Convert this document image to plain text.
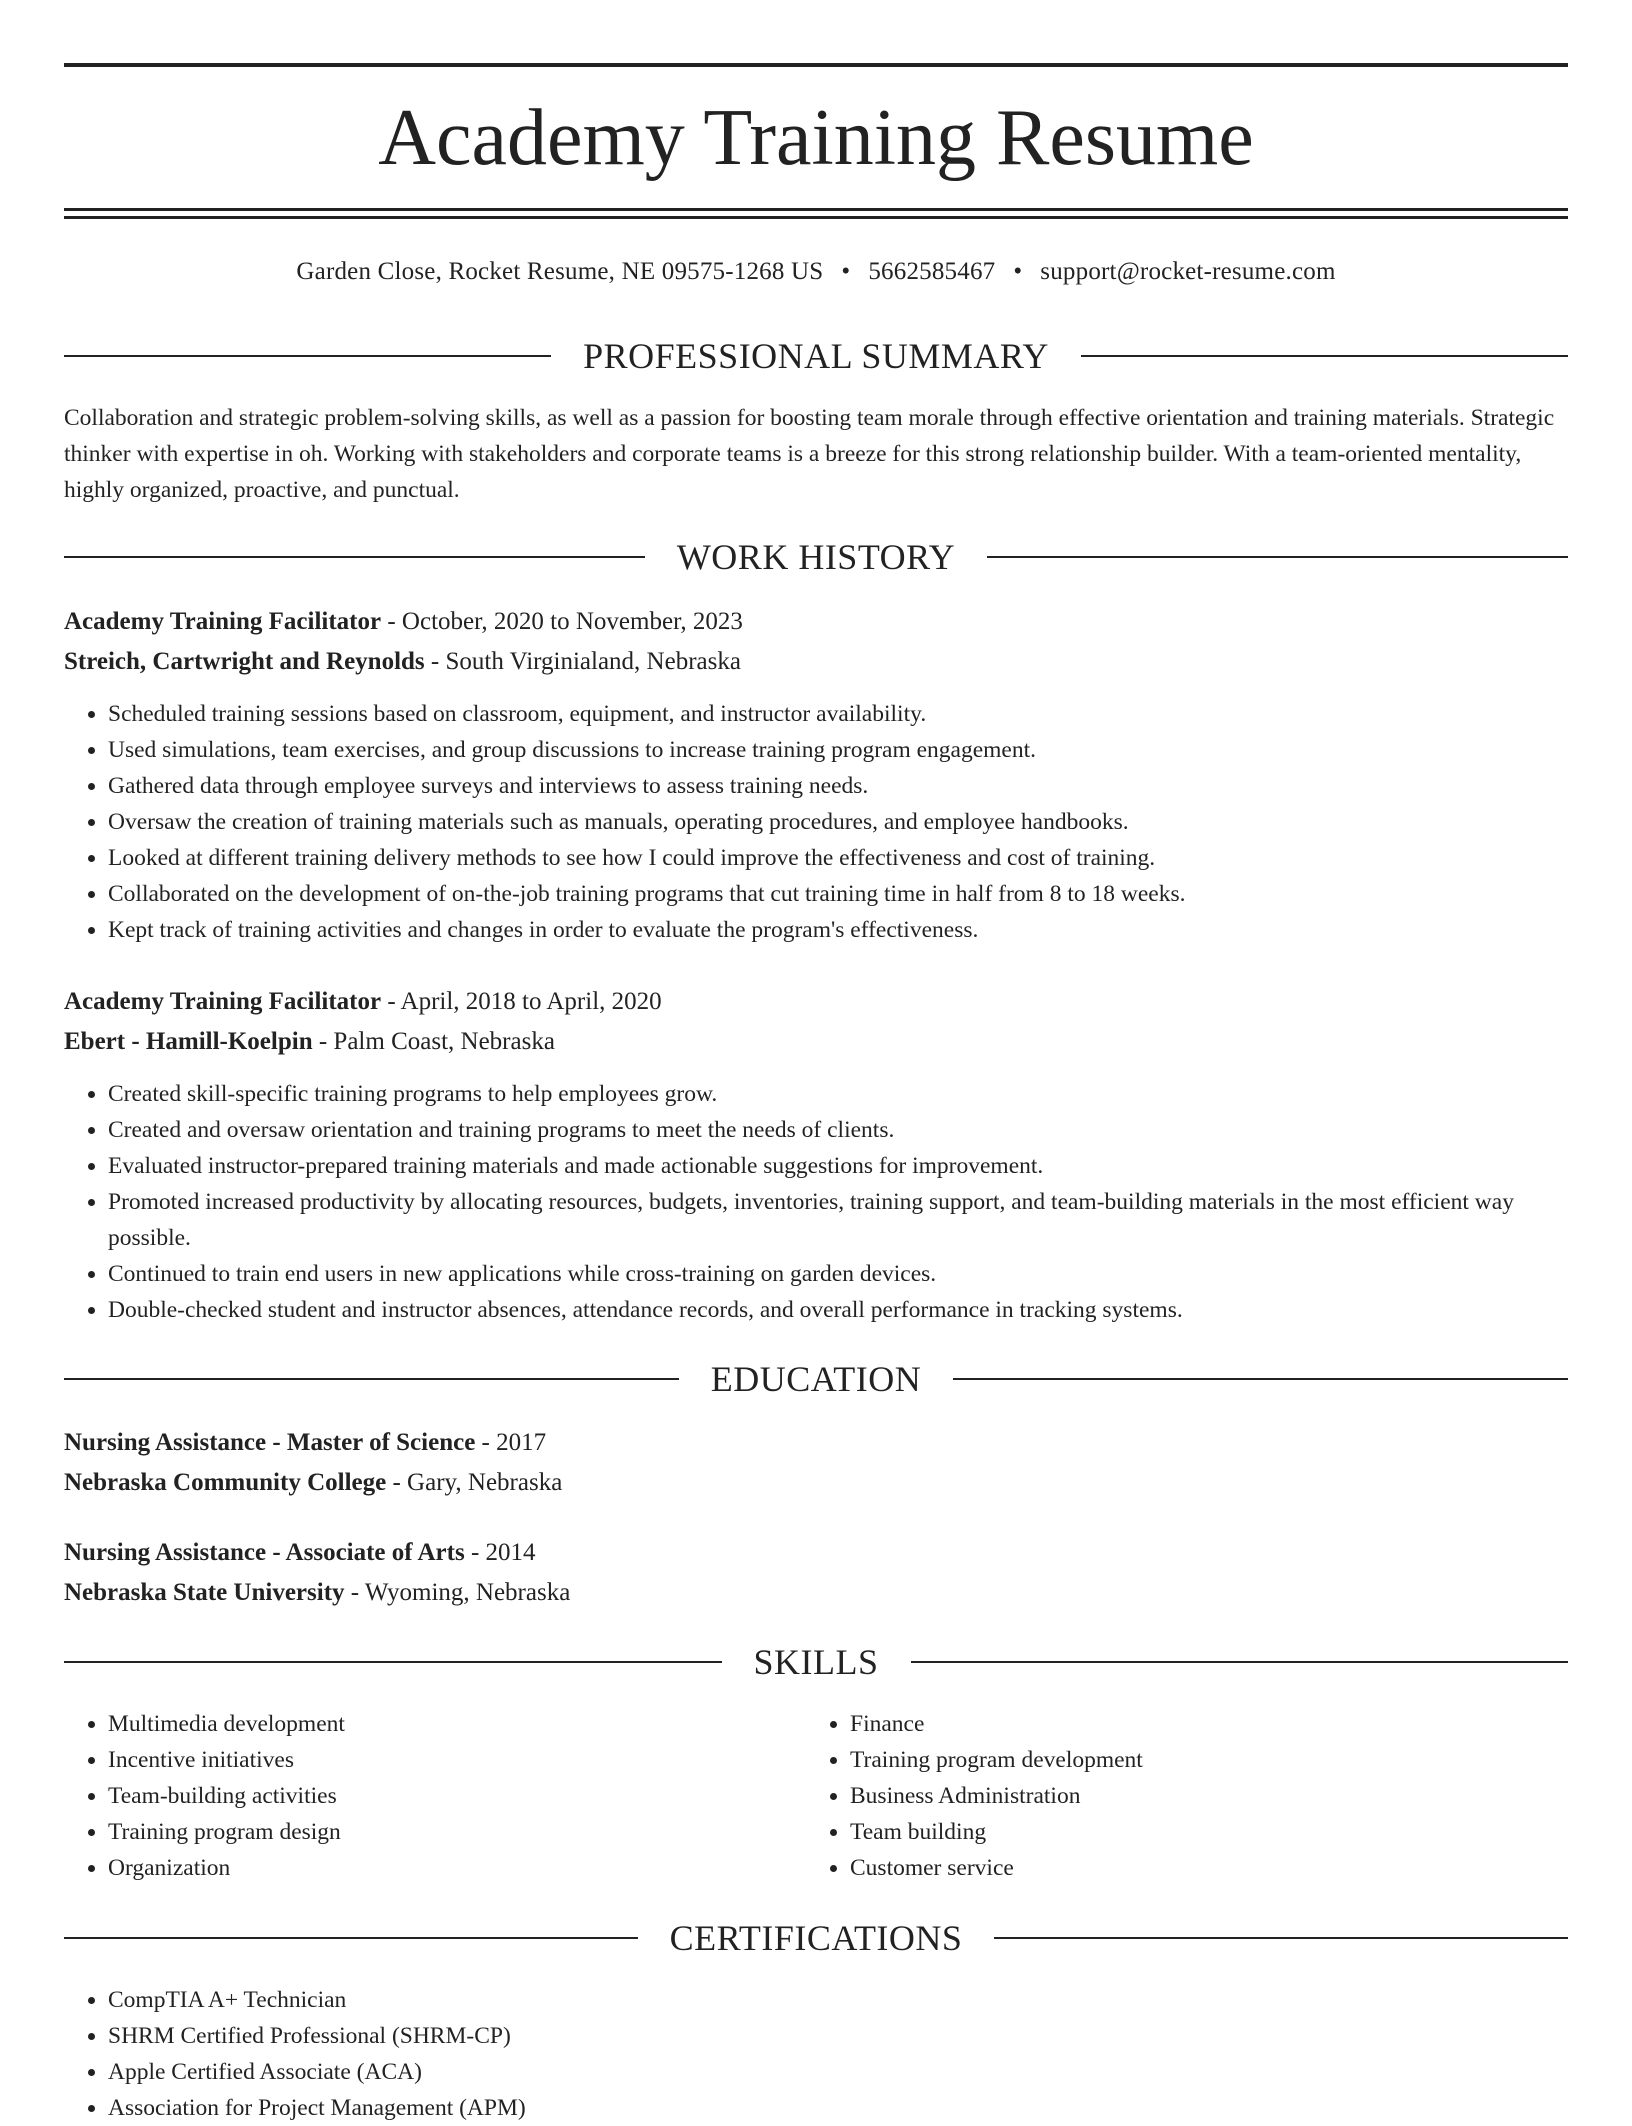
Academy Training Resume
Garden Close, Rocket Resume, NE 09575-1268 US • 5662585467 • support@rocket-resume.com
PROFESSIONAL SUMMARY
Collaboration and strategic problem-solving skills, as well as a passion for boosting team morale through effective orientation and training materials. Strategic thinker with expertise in oh. Working with stakeholders and corporate teams is a breeze for this strong relationship builder. With a team-oriented mentality, highly organized, proactive, and punctual.
WORK HISTORY
Academy Training Facilitator - October, 2020 to November, 2023
Streich, Cartwright and Reynolds - South Virginialand, Nebraska
• Scheduled training sessions based on classroom, equipment, and instructor availability.
• Used simulations, team exercises, and group discussions to increase training program engagement.
• Gathered data through employee surveys and interviews to assess training needs.
• Oversaw the creation of training materials such as manuals, operating procedures, and employee handbooks.
• Looked at different training delivery methods to see how I could improve the effectiveness and cost of training.
• Collaborated on the development of on-the-job training programs that cut training time in half from 8 to 18 weeks.
• Kept track of training activities and changes in order to evaluate the program's effectiveness.
Academy Training Facilitator - April, 2018 to April, 2020
Ebert - Hamill-Koelpin - Palm Coast, Nebraska
• Created skill-specific training programs to help employees grow.
• Created and oversaw orientation and training programs to meet the needs of clients.
• Evaluated instructor-prepared training materials and made actionable suggestions for improvement.
• Promoted increased productivity by allocating resources, budgets, inventories, training support, and team-building materials in the most efficient way possible.
• Continued to train end users in new applications while cross-training on garden devices.
• Double-checked student and instructor absences, attendance records, and overall performance in tracking systems.
EDUCATION
Nursing Assistance - Master of Science - 2017
Nebraska Community College - Gary, Nebraska
Nursing Assistance - Associate of Arts - 2014
Nebraska State University - Wyoming, Nebraska
SKILLS
• Multimedia development
• Incentive initiatives
• Team-building activities
• Training program design
• Organization
• Finance
• Training program development
• Business Administration
• Team building
• Customer service
CERTIFICATIONS
• CompTIA A+ Technician
• SHRM Certified Professional (SHRM-CP)
• Apple Certified Associate (ACA)
• Association for Project Management (APM)
